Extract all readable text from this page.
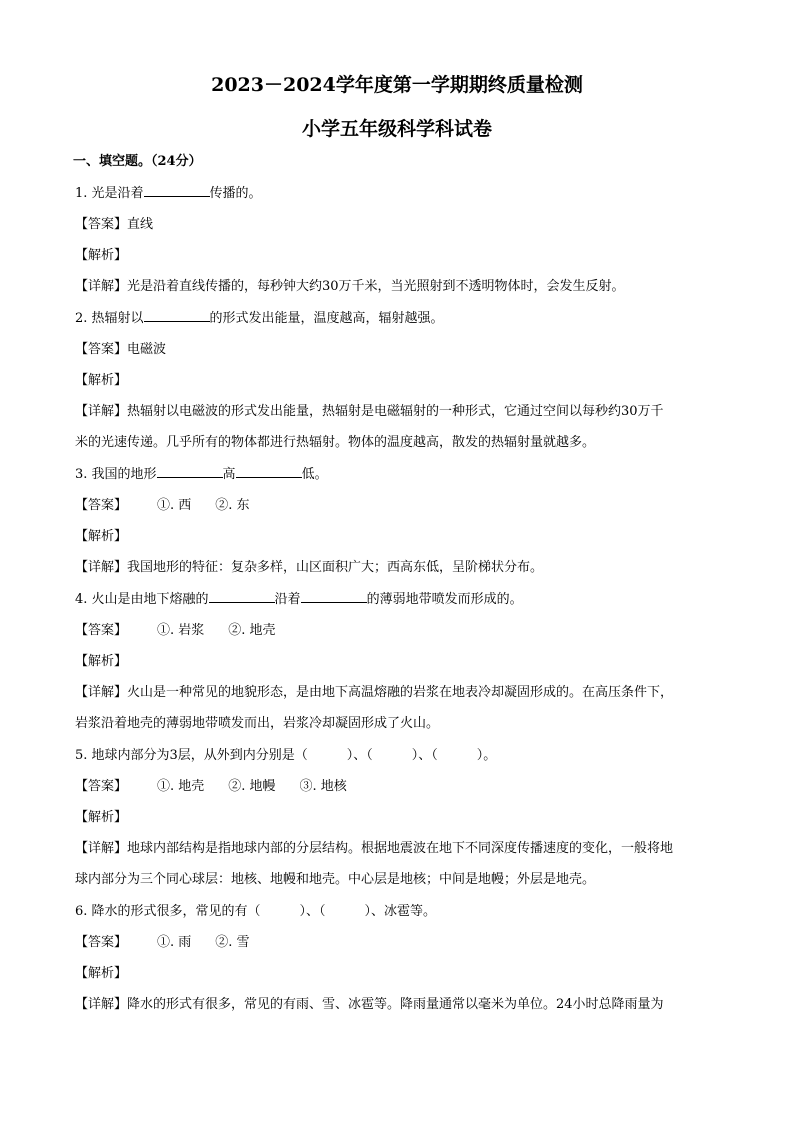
2023－2024学年度第一学期期终质量检测
小学五年级科学科试卷
一、填空题。（24分）
1. 光是沿着	传播的。
【答案】直线
【解析】
【详解】光是沿着直线传播的，每秒钟大约30万千米，当光照射到不透明物体时，会发生反射。
2. 热辐射以	的形式发出能量，温度越高，辐射越强。
【答案】电磁波
【解析】
【详解】热辐射以电磁波的形式发出能量，热辐射是电磁辐射的一种形式，它通过空间以每秒约30万千
米的光速传递。几乎所有的物体都进行热辐射。物体的温度越高，散发的热辐射量就越多。
3. 我国的地形	高	低。
【答案】 ①. 西 ②. 东
【解析】
【详解】我国地形的特征：复杂多样，山区面积广大；西高东低，呈阶梯状分布。
4. 火山是由地下熔融的	沿着	的薄弱地带喷发而形成的。
【答案】 ①. 岩浆 ②. 地壳
【解析】
【详解】火山是一种常见的地貌形态，是由地下高温熔融的岩浆在地表冷却凝固形成的。在高压条件下，
岩浆沿着地壳的薄弱地带喷发而出，岩浆冷却凝固形成了火山。
5. 地球内部分为3层，从外到内分别是（　　　）、（　　　）、（　　　）。
【答案】 ①. 地壳 ②. 地幔 ③. 地核
【解析】
【详解】地球内部结构是指地球内部的分层结构。根据地震波在地下不同深度传播速度的变化，一般将地
球内部分为三个同心球层：地核、地幔和地壳。中心层是地核；中间是地幔；外层是地壳。
6. 降水的形式很多，常见的有（　　　）、（　　　）、冰雹等。
【答案】 ①. 雨 ②. 雪
【解析】
【详解】降水的形式有很多，常见的有雨、雪、冰雹等。降雨量通常以毫米为单位。24小时总降雨量为
